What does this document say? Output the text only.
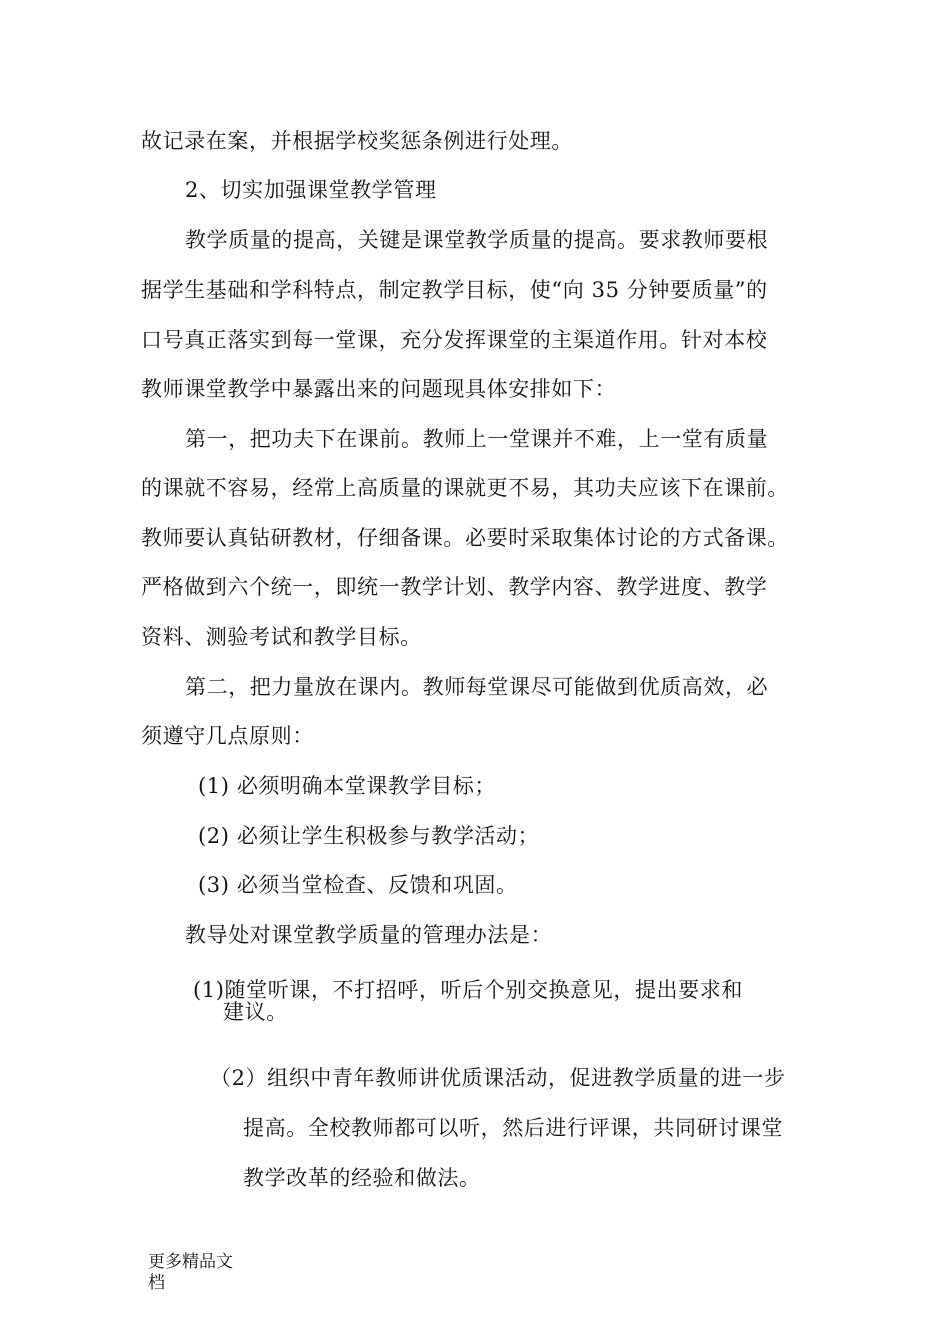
故记录在案，并根据学校奖惩条例进行处理。
2、切实加强课堂教学管理
教学质量的提高，关键是课堂教学质量的提高。要求教师要根
据学生基础和学科特点，制定教学目标，使“向 35 分钟要质量”的
口号真正落实到每一堂课，充分发挥课堂的主渠道作用。针对本校
教师课堂教学中暴露出来的问题现具体安排如下：
第一，把功夫下在课前。教师上一堂课并不难，上一堂有质量
的课就不容易，经常上高质量的课就更不易，其功夫应该下在课前。
教师要认真钻研教材，仔细备课。必要时采取集体讨论的方式备课。
严格做到六个统一，即统一教学计划、教学内容、教学进度、教学
资料、测验考试和教学目标。
第二，把力量放在课内。教师每堂课尽可能做到优质高效，必
须遵守几点原则：
(1) 必须明确本堂课教学目标；
(2) 必须让学生积极参与教学活动；
(3) 必须当堂检查、反馈和巩固。
教导处对课堂教学质量的管理办法是：
(1)随堂听课，不打招呼，听后个别交换意见，提出要求和
建议。
（2）组织中青年教师讲优质课活动，促进教学质量的进一步
提高。全校教师都可以听，然后进行评课，共同研讨课堂
教学改革的经验和做法。
更多精品文
档
